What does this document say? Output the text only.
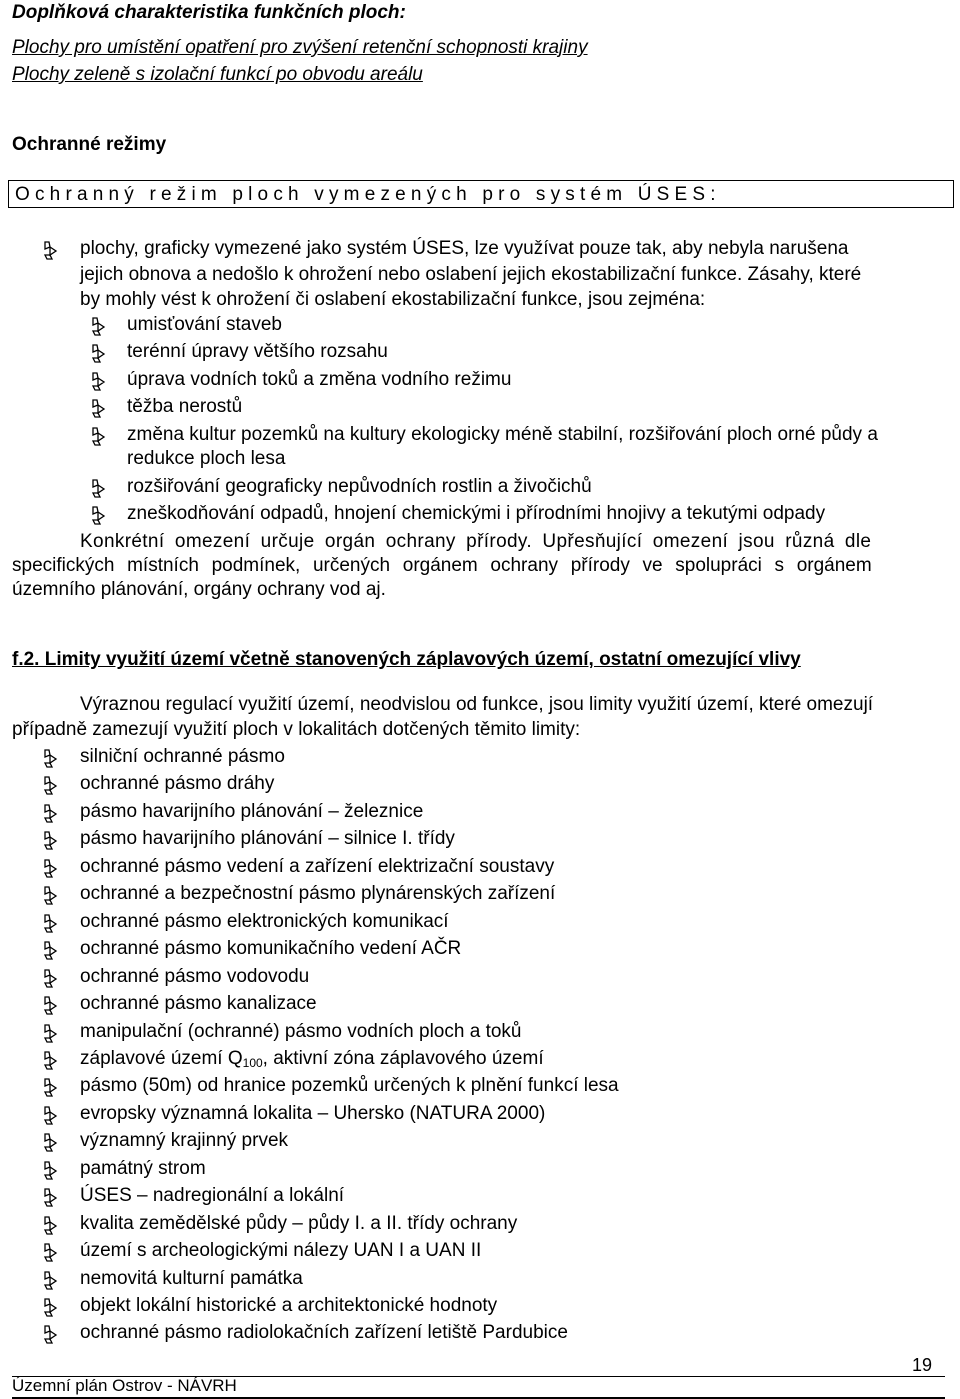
Doplňková charakteristika funkčních ploch:
Plochy pro umístění opatření pro zvýšení retenční schopnosti krajiny
Plochy zeleně s izolační funkcí po obvodu areálu
Ochranné režimy
Ochranný režim ploch vymezených pro systém ÚSES:
plochy, graficky vymezené jako systém ÚSES, lze využívat pouze tak, aby nebyla narušena
jejich obnova a nedošlo k ohrožení nebo oslabení jejich ekostabilizační funkce. Zásahy, které
by mohly vést k ohrožení či oslabení ekostabilizační funkce, jsou zejména:
umisťování staveb
terénní úpravy většího rozsahu
úprava vodních toků a změna vodního režimu
těžba nerostů
změna kultur pozemků na kultury ekologicky méně stabilní, rozšiřování ploch orné půdy a
redukce ploch lesa
rozšiřování geograficky nepůvodních rostlin a živočichů
zneškodňování odpadů, hnojení chemickými i přírodními hnojivy a tekutými odpady
Konkrétní omezení určuje orgán ochrany přírody. Upřesňující omezení jsou různá dle
specifických místních podmínek, určených orgánem ochrany přírody ve spolupráci s orgánem
územního plánování, orgány ochrany vod aj.
f.2. Limity využití území včetně stanovených záplavových území, ostatní omezující vlivy
Výraznou regulací využití území, neodvislou od funkce, jsou limity využití území, které omezují
případně zamezují využití ploch v lokalitách dotčených těmito limity:
silniční ochranné pásmo
ochranné pásmo dráhy
pásmo havarijního plánování – železnice
pásmo havarijního plánování – silnice I. třídy
ochranné pásmo vedení a zařízení elektrizační soustavy
ochranné a bezpečnostní pásmo plynárenských zařízení
ochranné pásmo elektronických komunikací
ochranné pásmo komunikačního vedení AČR
ochranné pásmo vodovodu
ochranné pásmo kanalizace
manipulační (ochranné) pásmo vodních ploch a toků
záplavové území $Q_{100}$, aktivní zóna záplavového území
pásmo (50m) od hranice pozemků určených k plnění funkcí lesa
evropsky významná lokalita – Uhersko (NATURA 2000)
významný krajinný prvek
památný strom
ÚSES – nadregionální a lokální
kvalita zemědělské půdy – půdy I. a II. třídy ochrany
území s archeologickými nálezy UAN I a UAN II
nemovitá kulturní památka
objekt lokální historické a architektonické hodnoty
ochranné pásmo radiolokačních zařízení letiště Pardubice
19
Územní plán Ostrov - NÁVRH
